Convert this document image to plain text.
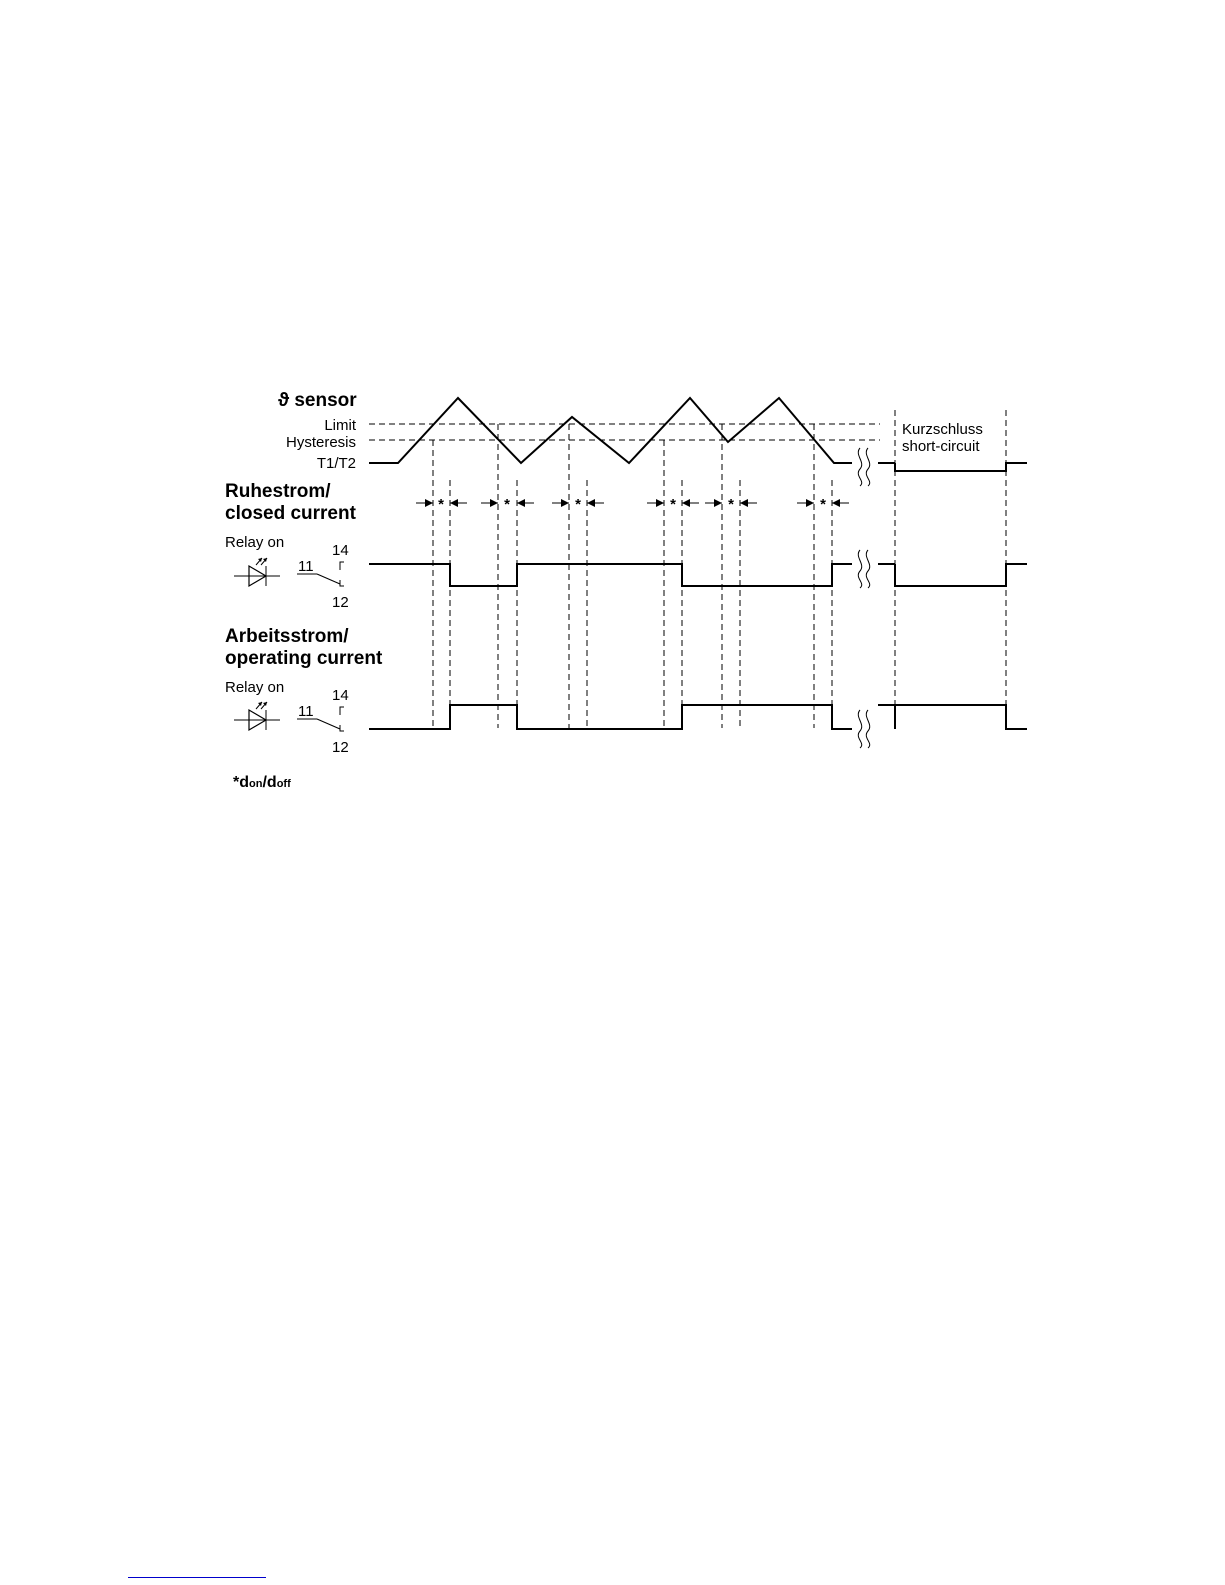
ϑ sensor
Limit
Hysteresis
T1/T2
Kurzschluss
short-circuit
*	*	*	*	*	*
Ruhestrom/
closed current
Relay on
11
14
12
Arbeitsstrom/
operating current
Relay on
11
14
12
*don/doff
